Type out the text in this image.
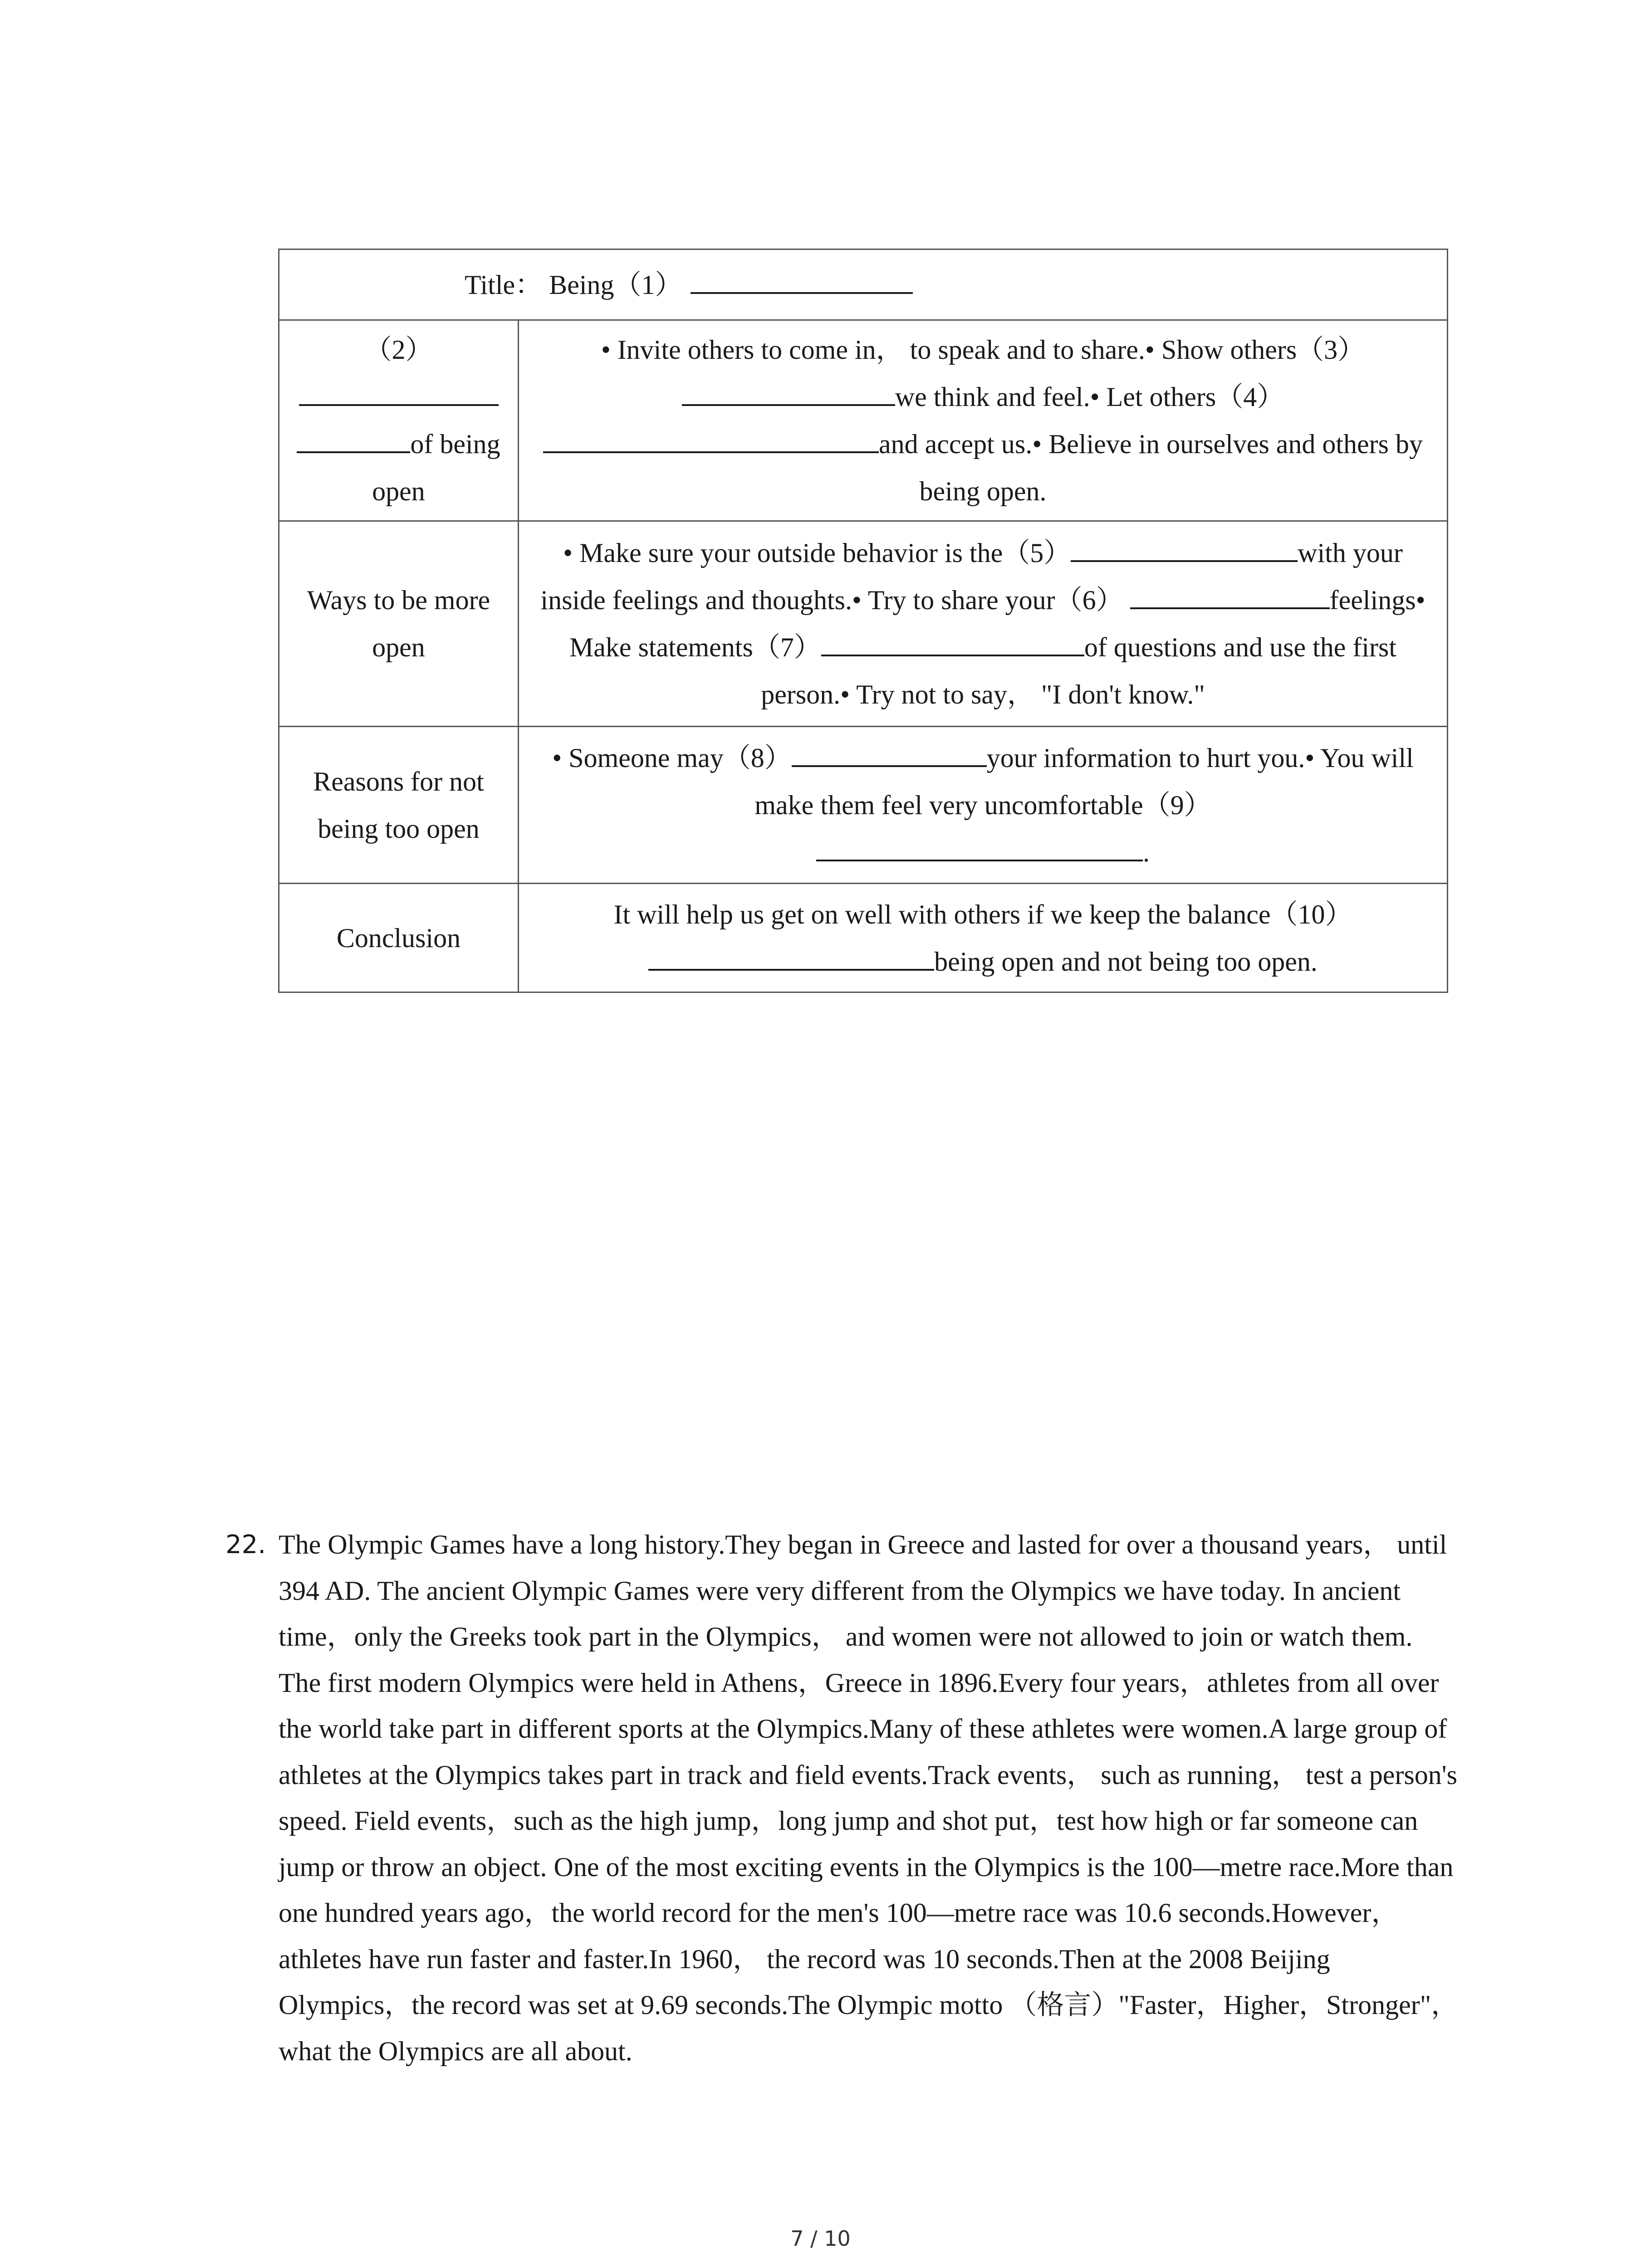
Title： Being（1）	

（2）

of being open	• Invite others to come in， to speak and to share.• Show others（3） we think and feel.• Let others（4） and accept us.• Believe in ourselves and others by being open.
Ways to be more open	• Make sure your outside behavior is the（5） with your inside feelings and thoughts.• Try to share your（6） feelings• Make statements（7） of questions and use the first person.• Try not to say， "I don't know."
Reasons for not being too open	• Someone may（8） your information to hurt you.• You will make them feel very uncomfortable（9）
.
Conclusion	It will help us get on well with others if we keep the balance（10）
being open and not being too open.
22. The Olympic Games have a long history.They began in Greece and lasted for over a thousand years， until 394 AD. The ancient Olympic Games were very different from the Olympics we have today. In ancient time，only the Greeks took part in the Olympics， and women were not allowed to join or watch them.

The first modern Olympics were held in Athens，Greece in 1896.Every four years，athletes from all over the world take part in different sports at the Olympics.Many of these athletes were women.A large group of athletes at the Olympics takes part in track and field events.Track events， such as running， test a person's speed. Field events，such as the high jump，long jump and shot put，test how high or far someone can jump or throw an object. One of the most exciting events in the Olympics is the 100—metre race.More than one hundred years ago，the world record for the men's 100—metre race was 10.6 seconds.However，athletes have run faster and faster.In 1960， the record was 10 seconds.Then at the 2008 Beijing Olympics，the record was set at 9.69 seconds.The Olympic motto （格言）"Faster，Higher，Stronger"，what the Olympics are all about.

7 / 10
